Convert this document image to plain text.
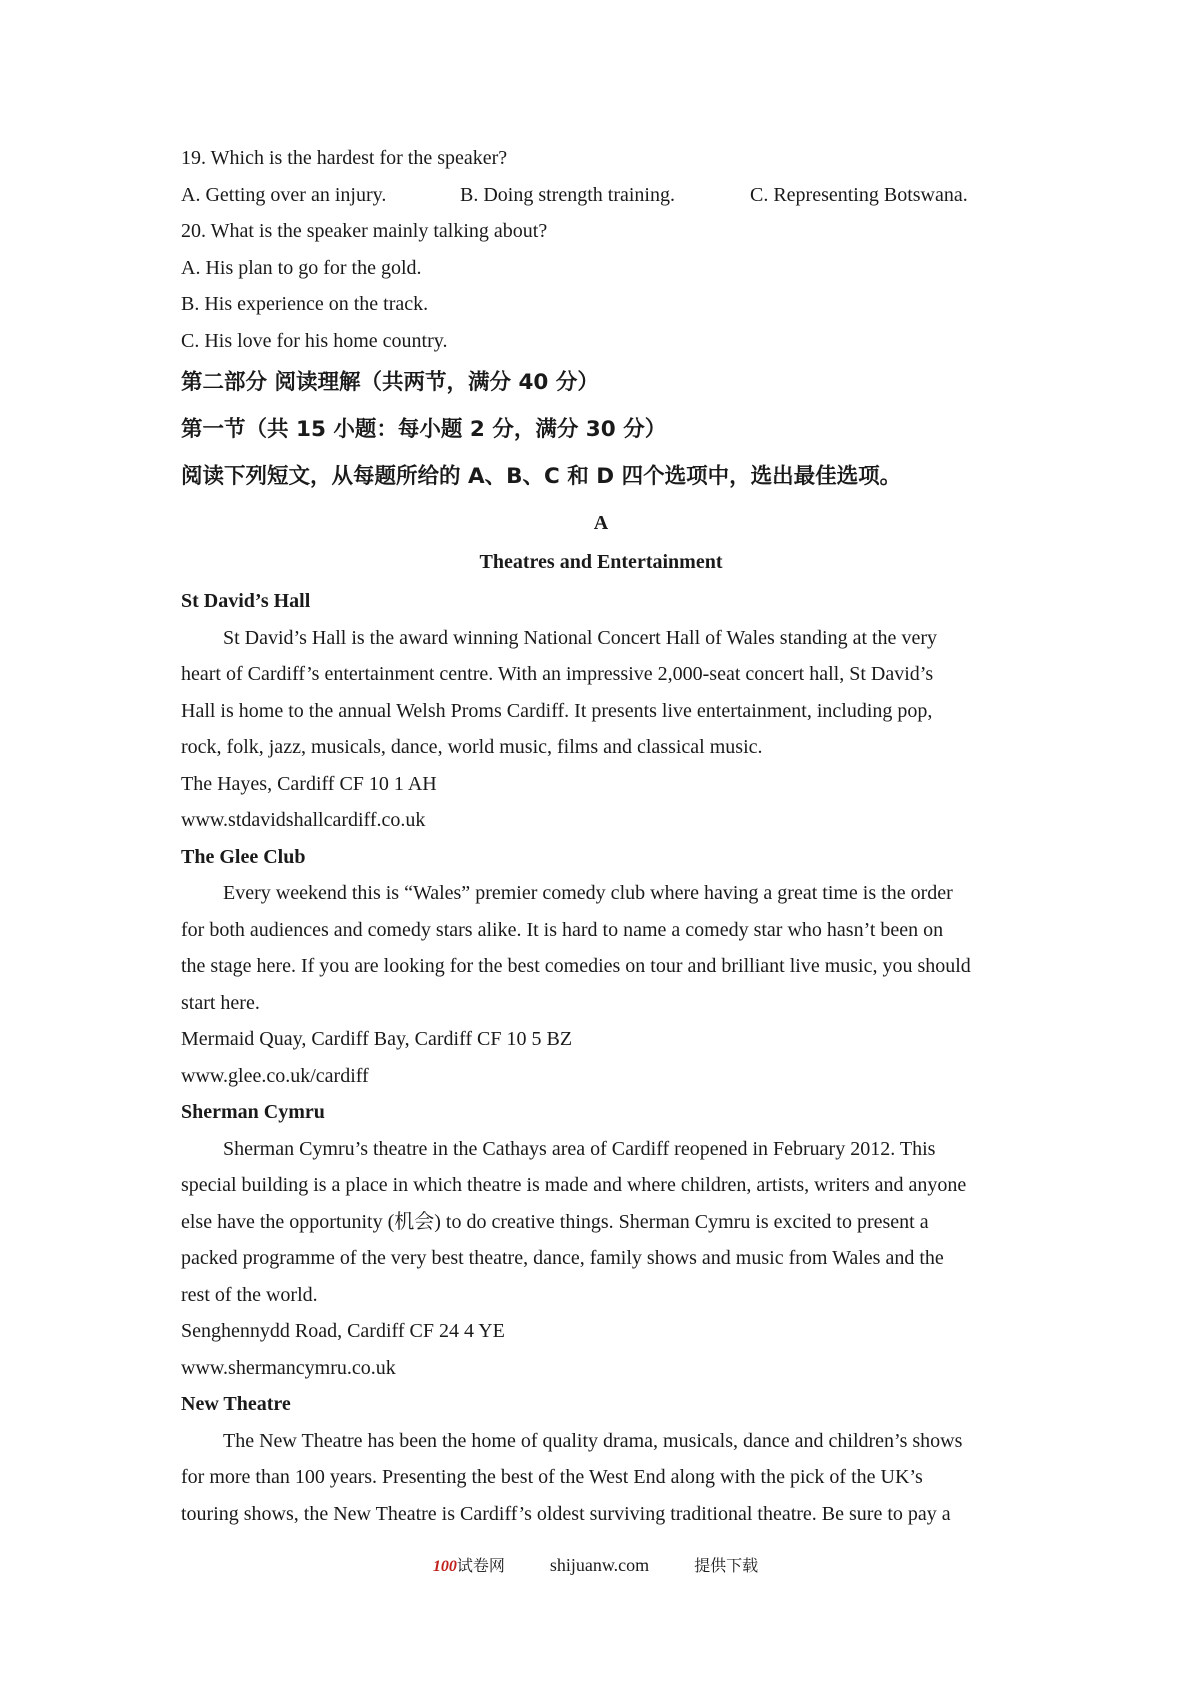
19. Which is the hardest for the speaker?
A. Getting over an injury.	B. Doing strength training.	C. Representing Botswana.
20. What is the speaker mainly talking about?
A. His plan to go for the gold.
B. His experience on the track.
C. His love for his home country.
第二部分 阅读理解（共两节，满分 40 分）
第一节（共 15 小题：每小题 2 分，满分 30 分）
阅读下列短文，从每题所给的 A、B、C 和 D 四个选项中，选出最佳选项。
A
Theatres and Entertainment
St David’s Hall
St David’s Hall is the award winning National Concert Hall of Wales standing at the very
heart of Cardiff’s entertainment centre. With an impressive 2,000-seat concert hall, St David’s
Hall is home to the annual Welsh Proms Cardiff. It presents live entertainment, including pop,
rock, folk, jazz, musicals, dance, world music, films and classical music.
The Hayes, Cardiff CF 10 1 AH
www.stdavidshallcardiff.co.uk
The Glee Club
Every weekend this is “Wales” premier comedy club where having a great time is the order
for both audiences and comedy stars alike. It is hard to name a comedy star who hasn’t been on
the stage here. If you are looking for the best comedies on tour and brilliant live music, you should
start here.
Mermaid Quay, Cardiff Bay, Cardiff CF 10 5 BZ
www.glee.co.uk/cardiff
Sherman Cymru
Sherman Cymru’s theatre in the Cathays area of Cardiff reopened in February 2012. This
special building is a place in which theatre is made and where children, artists, writers and anyone
else have the opportunity (机会) to do creative things. Sherman Cymru is excited to present a
packed programme of the very best theatre, dance, family shows and music from Wales and the
rest of the world.
Senghennydd Road, Cardiff CF 24 4 YE
www.shermancymru.co.uk
New Theatre
The New Theatre has been the home of quality drama, musicals, dance and children’s shows
for more than 100 years. Presenting the best of the West End along with the pick of the UK’s
touring shows, the New Theatre is Cardiff’s oldest surviving traditional theatre. Be sure to pay a
100试卷网	shijuanw.com	提供下载
